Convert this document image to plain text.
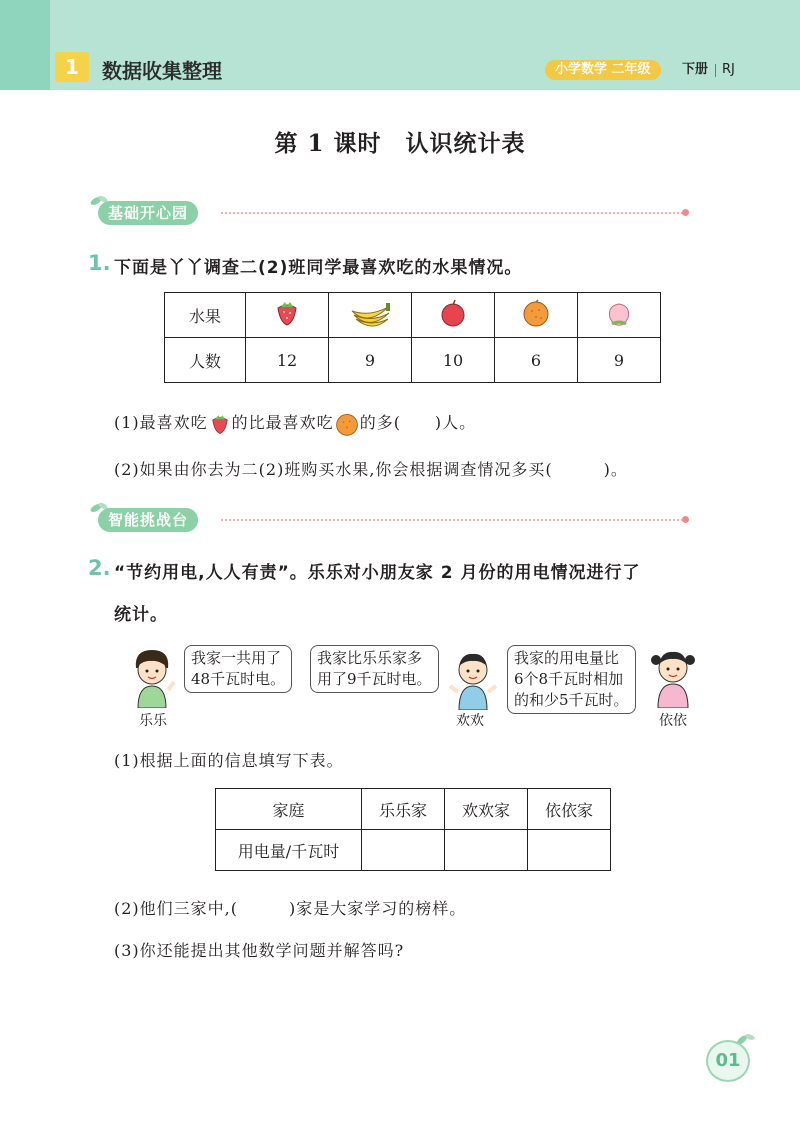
1	数据收集整理	小学数学 二年级	下册 RJ
第 1 课时　认识统计表
基础开心园
1. 下面是丫丫调查二(2)班同学最喜欢吃的水果情况。
水果					
人数	12	9	10	6	9
(1)最喜欢吃 的比最喜欢吃 的多(　　)人。
(2)如果由你去为二(2)班购买水果,你会根据调查情况多买(　　　)。
智能挑战台
2. “节约用电,人人有责”。乐乐对小朋友家 2 月份的用电情况进行了
统计。
乐乐
我家一共用了
48千瓦时电。
我家比乐乐家多
用了9千瓦时电。
欢欢
我家的用电量比
6个8千瓦时相加
的和少5千瓦时。
依依
(1)根据上面的信息填写下表。
家庭	乐乐家	欢欢家	依依家
用电量/千瓦时			
(2)他们三家中,(　　　)家是大家学习的榜样。
(3)你还能提出其他数学问题并解答吗?
01
